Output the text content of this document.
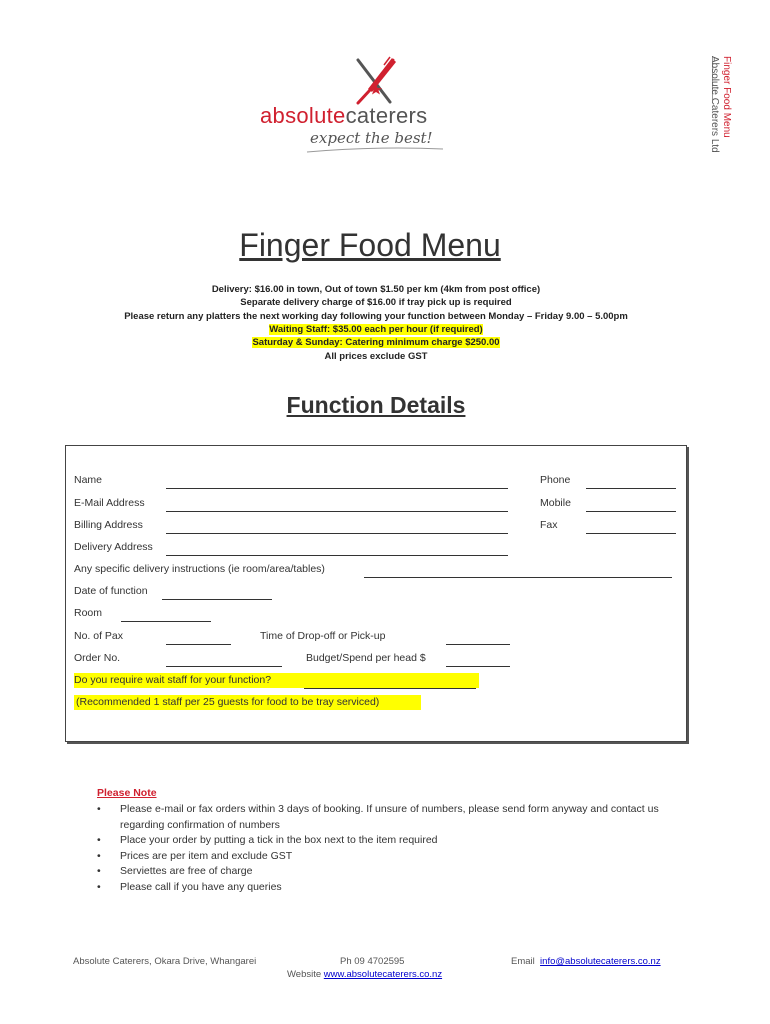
Finger Food Menu
Absolute Caterers Ltd
absolutecaterers
expect the best!
Finger Food Menu
Delivery: $16.00 in town, Out of town $1.50 per km (4km from post office)
Separate delivery charge of $16.00 if tray pick up is required
Please return any platters the next working day following your function between Monday – Friday 9.00 – 5.00pm
Waiting Staff: $35.00 each per hour (if required)
Saturday & Sunday: Catering minimum charge $250.00
All prices exclude GST
Function Details
Name	Phone
E-Mail Address	Mobile
Billing Address	Fax
Delivery Address
Any specific delivery instructions (ie room/area/tables)
Date of function
Room
No. of Pax	Time of Drop-off or Pick-up
Order No.	Budget/Spend per head $
Do you require wait staff for your function?
(Recommended 1 staff per 25 guests for food to be tray serviced)
Please Note
• Please e-mail or fax orders within 3 days of booking. If unsure of numbers, please send form anyway and contact us regarding confirmation of numbers
• Place your order by putting a tick in the box next to the item required
• Prices are per item and exclude GST
• Serviettes are free of charge
• Please call if you have any queries
Absolute Caterers, Okara Drive, Whangarei	Ph 09 4702595	Email info@absolutecaterers.co.nz
Website www.absolutecaterers.co.nz
